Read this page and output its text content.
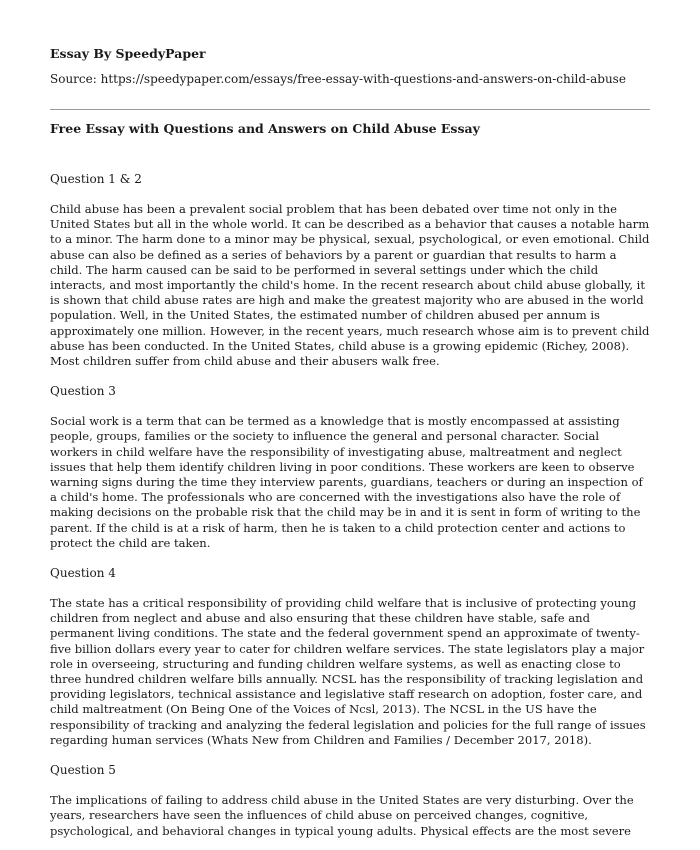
Essay By SpeedyPaper
Source: https://speedypaper.com/essays/free-essay-with-questions-and-answers-on-child-abuse
Free Essay with Questions and Answers on Child Abuse Essay
Question 1 & 2
Child abuse has been a prevalent social problem that has been debated over time not only in the United States but all in the whole world. It can be described as a behavior that causes a notable harm to a minor. The harm done to a minor may be physical, sexual, psychological, or even emotional. Child abuse can also be defined as a series of behaviors by a parent or guardian that results to harm a child. The harm caused can be said to be performed in several settings under which the child interacts, and most importantly the child's home. In the recent research about child abuse globally, it is shown that child abuse rates are high and make the greatest majority who are abused in the world population. Well, in the United States, the estimated number of children abused per annum is approximately one million. However, in the recent years, much research whose aim is to prevent child abuse has been conducted. In the United States, child abuse is a growing epidemic (Richey, 2008). Most children suffer from child abuse and their abusers walk free.
Question 3
Social work is a term that can be termed as a knowledge that is mostly encompassed at assisting people, groups, families or the society to influence the general and personal character. Social workers in child welfare have the responsibility of investigating abuse, maltreatment and neglect issues that help them identify children living in poor conditions. These workers are keen to observe warning signs during the time they interview parents, guardians, teachers or during an inspection of a child's home. The professionals who are concerned with the investigations also have the role of making decisions on the probable risk that the child may be in and it is sent in form of writing to the parent. If the child is at a risk of harm, then he is taken to a child protection center and actions to protect the child are taken.
Question 4
The state has a critical responsibility of providing child welfare that is inclusive of protecting young children from neglect and abuse and also ensuring that these children have stable, safe and permanent living conditions. The state and the federal government spend an approximate of twenty-five billion dollars every year to cater for children welfare services. The state legislators play a major role in overseeing, structuring and funding children welfare systems, as well as enacting close to three hundred children welfare bills annually. NCSL has the responsibility of tracking legislation and providing legislators, technical assistance and legislative staff research on adoption, foster care, and child maltreatment (On Being One of the Voices of Ncsl, 2013). The NCSL in the US have the responsibility of tracking and analyzing the federal legislation and policies for the full range of issues regarding human services (Whats New from Children and Families / December 2017, 2018).
Question 5
The implications of failing to address child abuse in the United States are very disturbing. Over the years, researchers have seen the influences of child abuse on perceived changes, cognitive, psychological, and behavioral changes in typical young adults. Physical effects are the most severe
